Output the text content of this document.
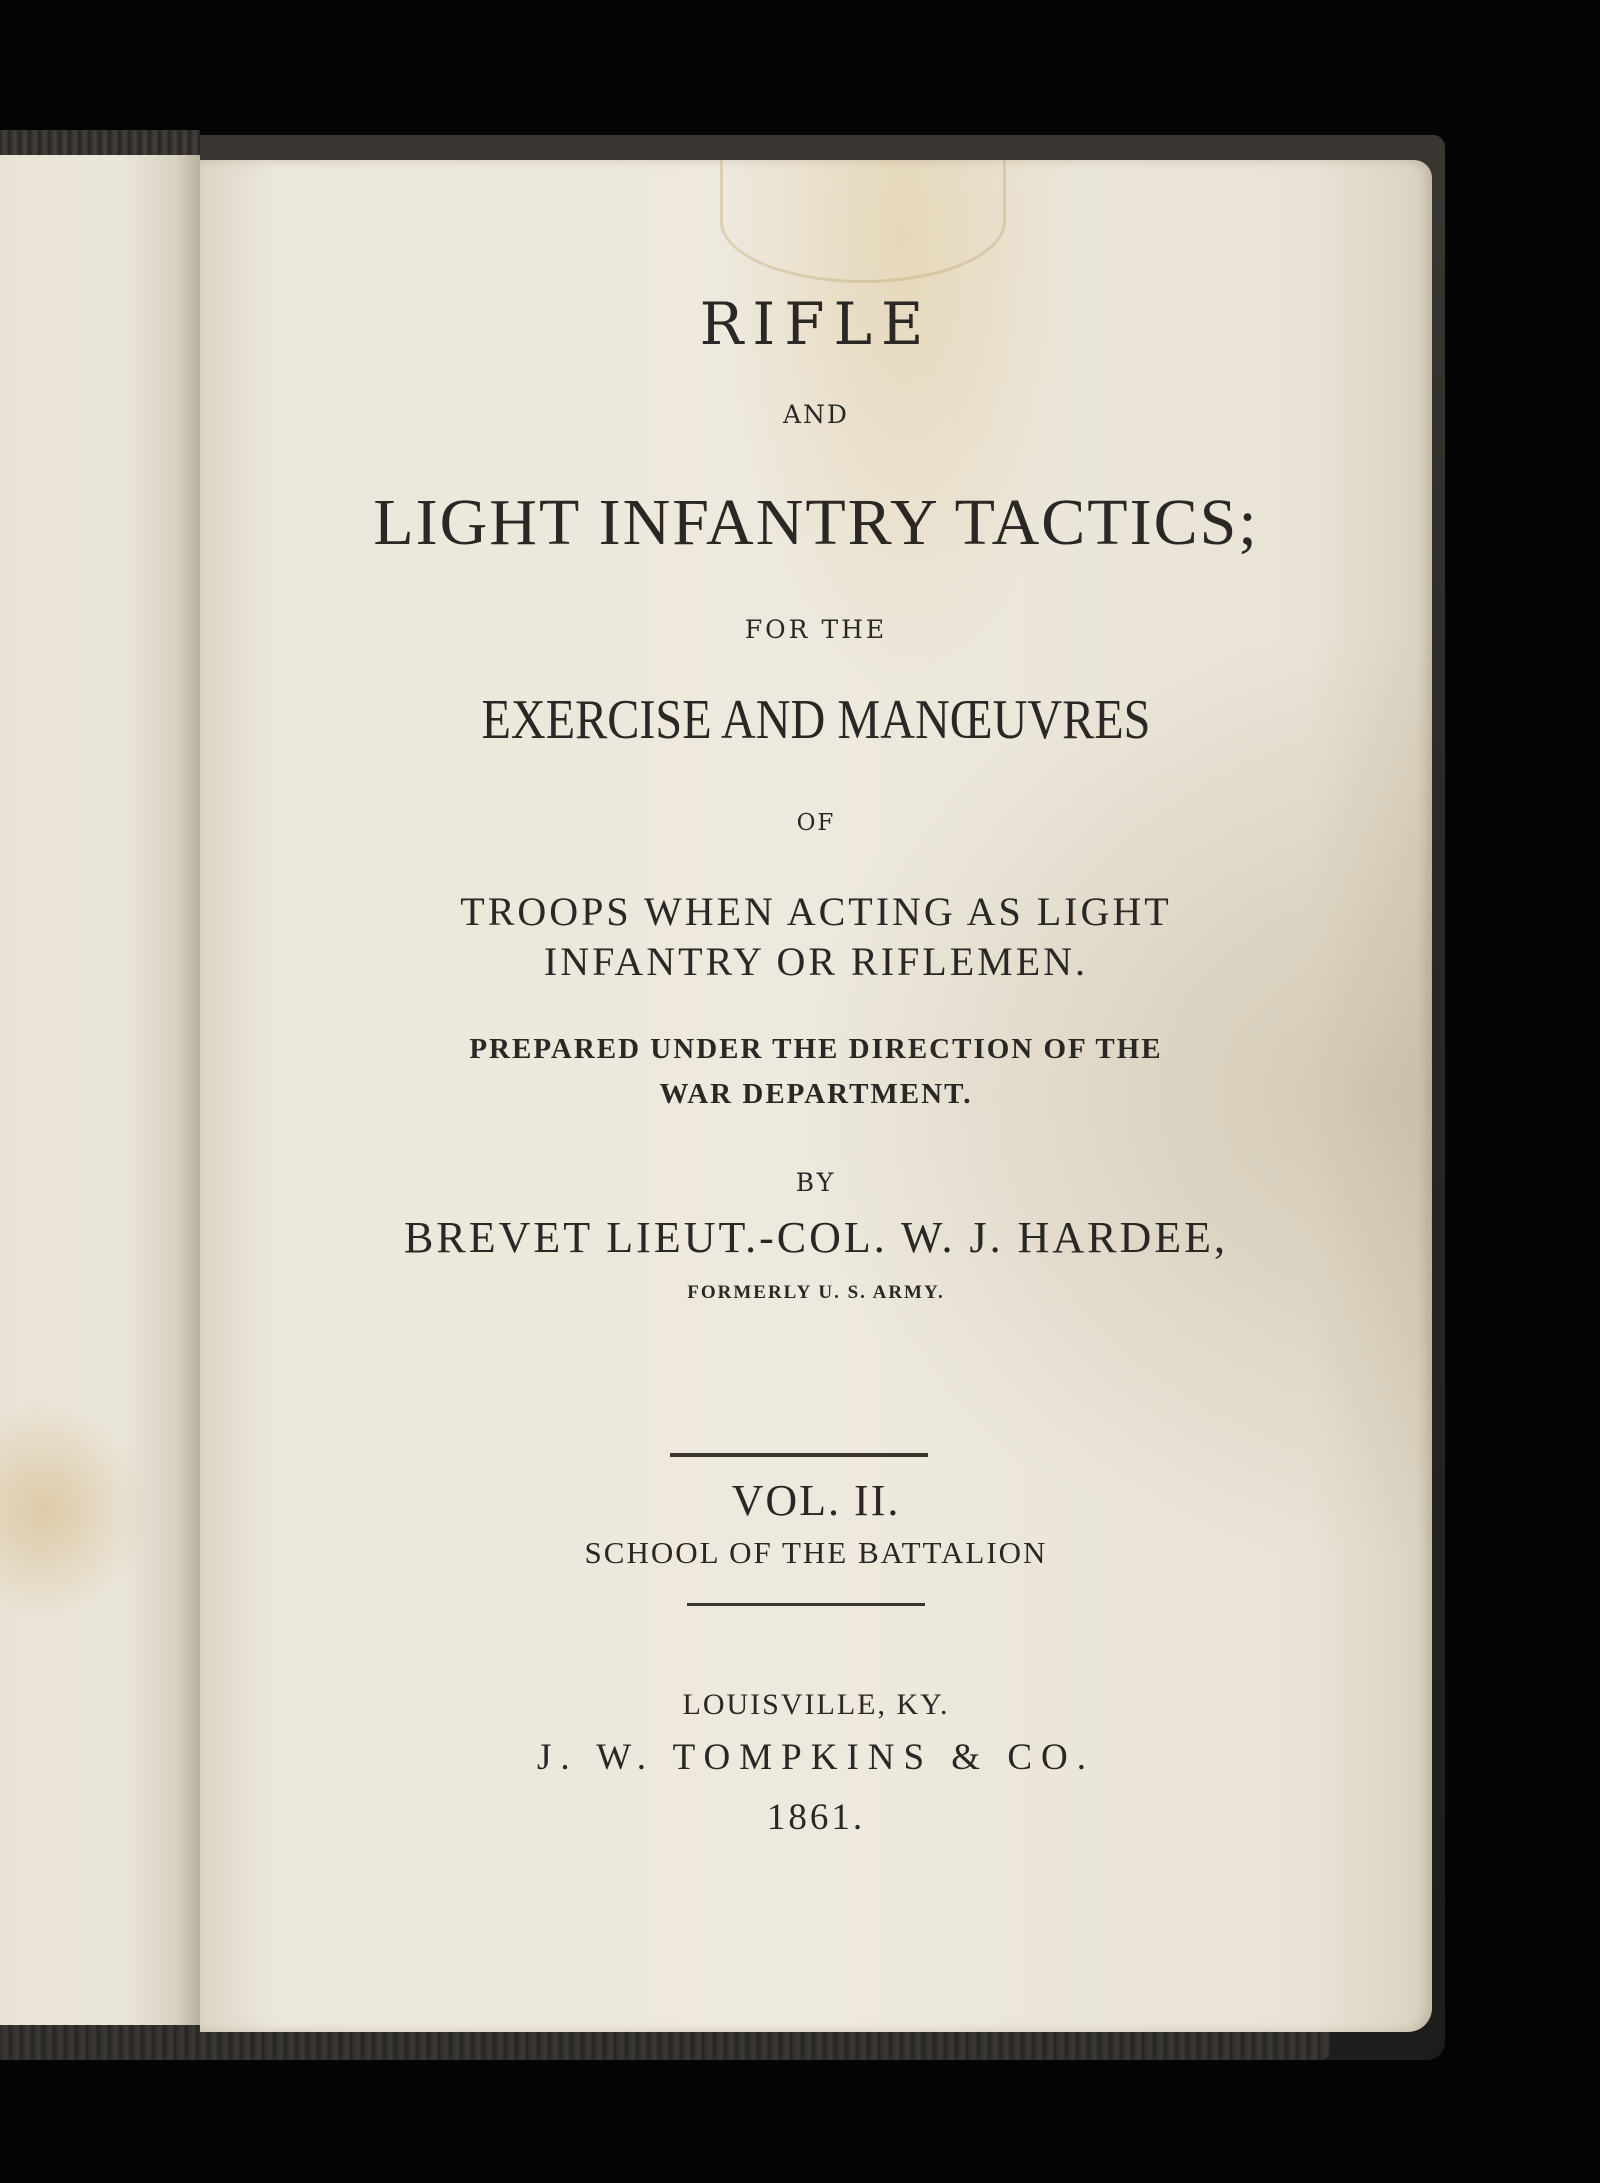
RIFLE
AND
LIGHT INFANTRY TACTICS;
FOR THE
EXERCISE AND MANŒUVRES
OF
TROOPS WHEN ACTING AS LIGHT
INFANTRY OR RIFLEMEN.
PREPARED UNDER THE DIRECTION OF THE
WAR DEPARTMENT.
BY
BREVET LIEUT.-COL. W. J. HARDEE,
FORMERLY U. S. ARMY.
VOL. II.
SCHOOL OF THE BATTALION
LOUISVILLE, KY.
J. W. TOMPKINS & CO.
1861.
